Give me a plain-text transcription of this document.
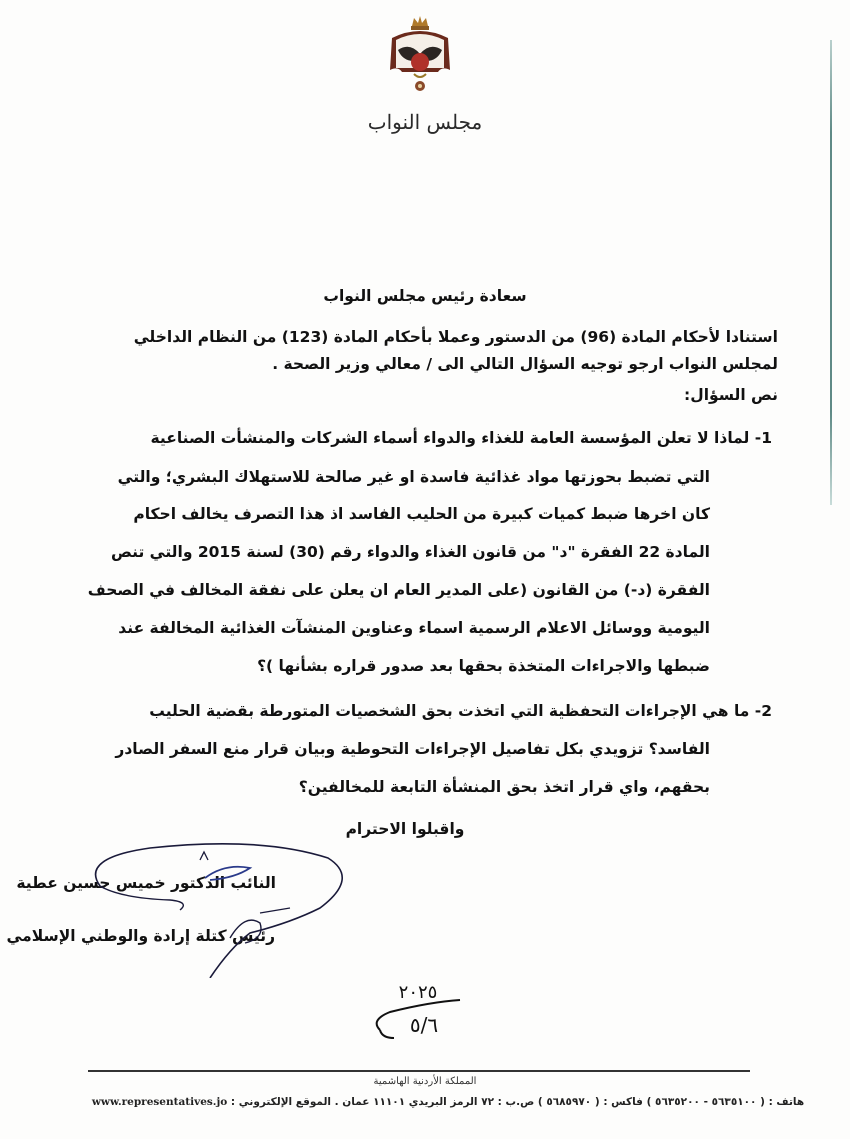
مجلس النواب
سعادة رئيس مجلس النواب
استنادا لأحكام المادة (96) من الدستور وعملا بأحكام المادة (123) من النظام الداخلي
لمجلس النواب ارجو توجيه السؤال التالي الى / معالي وزير الصحة .
نص السؤال:
1- لماذا لا تعلن المؤسسة العامة للغذاء والدواء أسماء الشركات والمنشأت الصناعية
التي تضبط بحوزتها مواد غذائية فاسدة او غير صالحة للاستهلاك البشري؛ والتي
كان اخرها ضبط كميات كبيرة من الحليب الفاسد اذ هذا التصرف يخالف احكام
المادة 22 الفقرة "د" من قانون الغذاء والدواء رقم (30) لسنة 2015 والتي تنص
الفقرة (د-) من القانون (على المدير العام ان يعلن على نفقة المخالف في الصحف
اليومية ووسائل الاعلام الرسمية اسماء وعناوين المنشآت الغذائية المخالفة عند
ضبطها والاجراءات المتخذة بحقها بعد صدور قراره بشأنها )؟
2- ما هي الإجراءات التحفظية التي اتخذت بحق الشخصيات المتورطة بقضية الحليب
الفاسد؟ تزويدي بكل تفاصيل الإجراءات التحوطية وبيان قرار منع السفر الصادر
بحقهم، واي قرار اتخذ بحق المنشأة التابعة للمخالفين؟
واقبلوا الاحترام
النائب الدكتور خميس حسين عطية
رئيس كتلة إرادة والوطني الإسلامي
٢٠٢٥
٥/٦
المملكة الأردنية الهاشمية
www.representatives.jo هاتف : ( ٥٦٣٥١٠٠ - ٥٦٣٥٢٠٠ ) فاكس : ( ٥٦٨٥٩٧٠ ) ص.ب : ٧٢ الرمز البريدي ١١١٠١ عمان . الموقع الإلكتروني :
